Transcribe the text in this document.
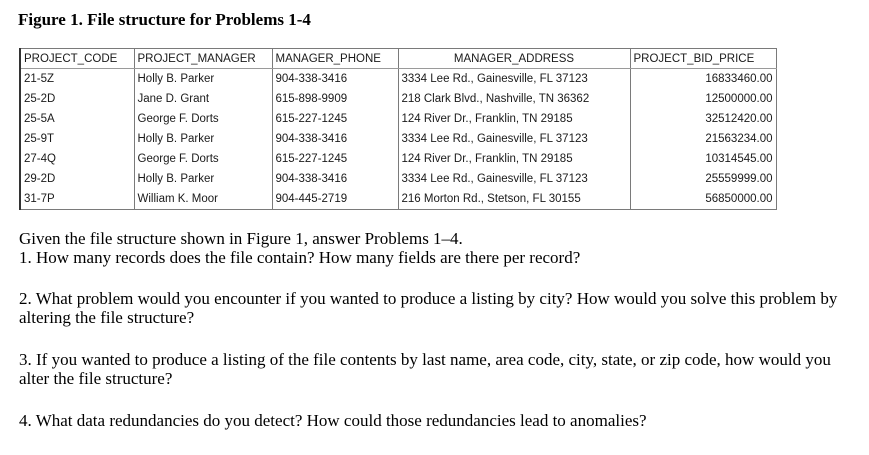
Figure 1. File structure for Problems 1-4
PROJECT_CODE	PROJECT_MANAGER	MANAGER_PHONE	MANAGER_ADDRESS	PROJECT_BID_PRICE
21-5Z	Holly B. Parker	904-338-3416	3334 Lee Rd., Gainesville, FL 37123	16833460.00
25-2D	Jane D. Grant	615-898-9909	218 Clark Blvd., Nashville, TN 36362	12500000.00
25-5A	George F. Dorts	615-227-1245	124 River Dr., Franklin, TN 29185	32512420.00
25-9T	Holly B. Parker	904-338-3416	3334 Lee Rd., Gainesville, FL 37123	21563234.00
27-4Q	George F. Dorts	615-227-1245	124 River Dr., Franklin, TN 29185	10314545.00
29-2D	Holly B. Parker	904-338-3416	3334 Lee Rd., Gainesville, FL 37123	25559999.00
31-7P	William K. Moor	904-445-2719	216 Morton Rd., Stetson, FL 30155	56850000.00
Given the file structure shown in Figure 1, answer Problems 1–4.
1. How many records does the file contain? How many fields are there per record?
2. What problem would you encounter if you wanted to produce a listing by city? How would you solve this problem by altering the file structure?
3. If you wanted to produce a listing of the file contents by last name, area code, city, state, or zip code, how would you alter the file structure?
4. What data redundancies do you detect? How could those redundancies lead to anomalies?
